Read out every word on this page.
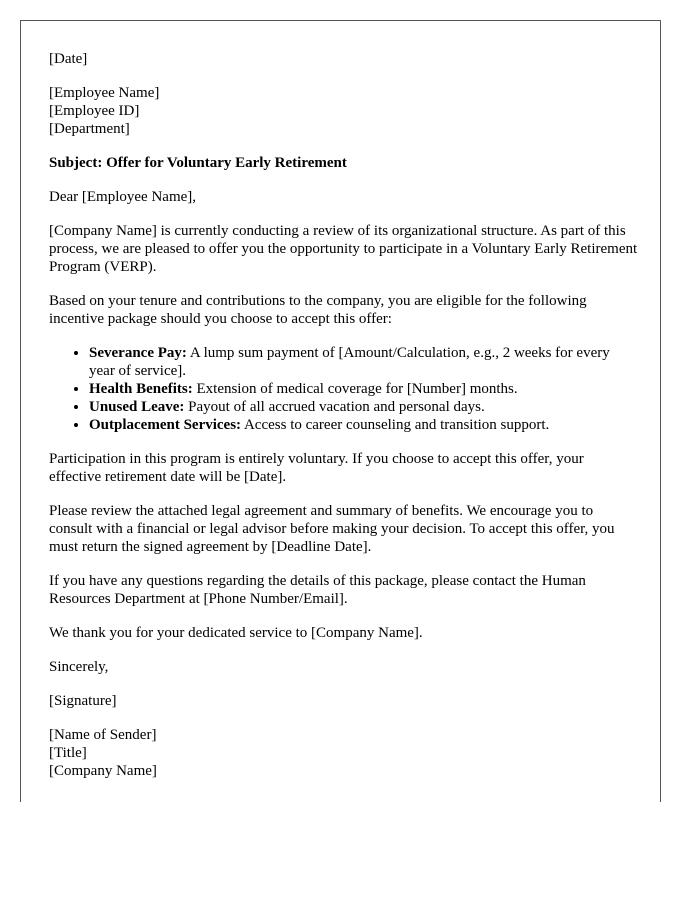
[Date]

[Employee Name]
[Employee ID]
[Department]

Subject: Offer for Voluntary Early Retirement

Dear [Employee Name],

[Company Name] is currently conducting a review of its organizational structure. As part of this process, we are pleased to offer you the opportunity to participate in a Voluntary Early Retirement Program (VERP).

Based on your tenure and contributions to the company, you are eligible for the following incentive package should you choose to accept this offer:

• Severance Pay: A lump sum payment of [Amount/Calculation, e.g., 2 weeks for every year of service].
• Health Benefits: Extension of medical coverage for [Number] months.
• Unused Leave: Payout of all accrued vacation and personal days.
• Outplacement Services: Access to career counseling and transition support.

Participation in this program is entirely voluntary. If you choose to accept this offer, your effective retirement date will be [Date].

Please review the attached legal agreement and summary of benefits. We encourage you to consult with a financial or legal advisor before making your decision. To accept this offer, you must return the signed agreement by [Deadline Date].

If you have any questions regarding the details of this package, please contact the Human Resources Department at [Phone Number/Email].

We thank you for your dedicated service to [Company Name].

Sincerely,

[Signature]

[Name of Sender]
[Title]
[Company Name]
